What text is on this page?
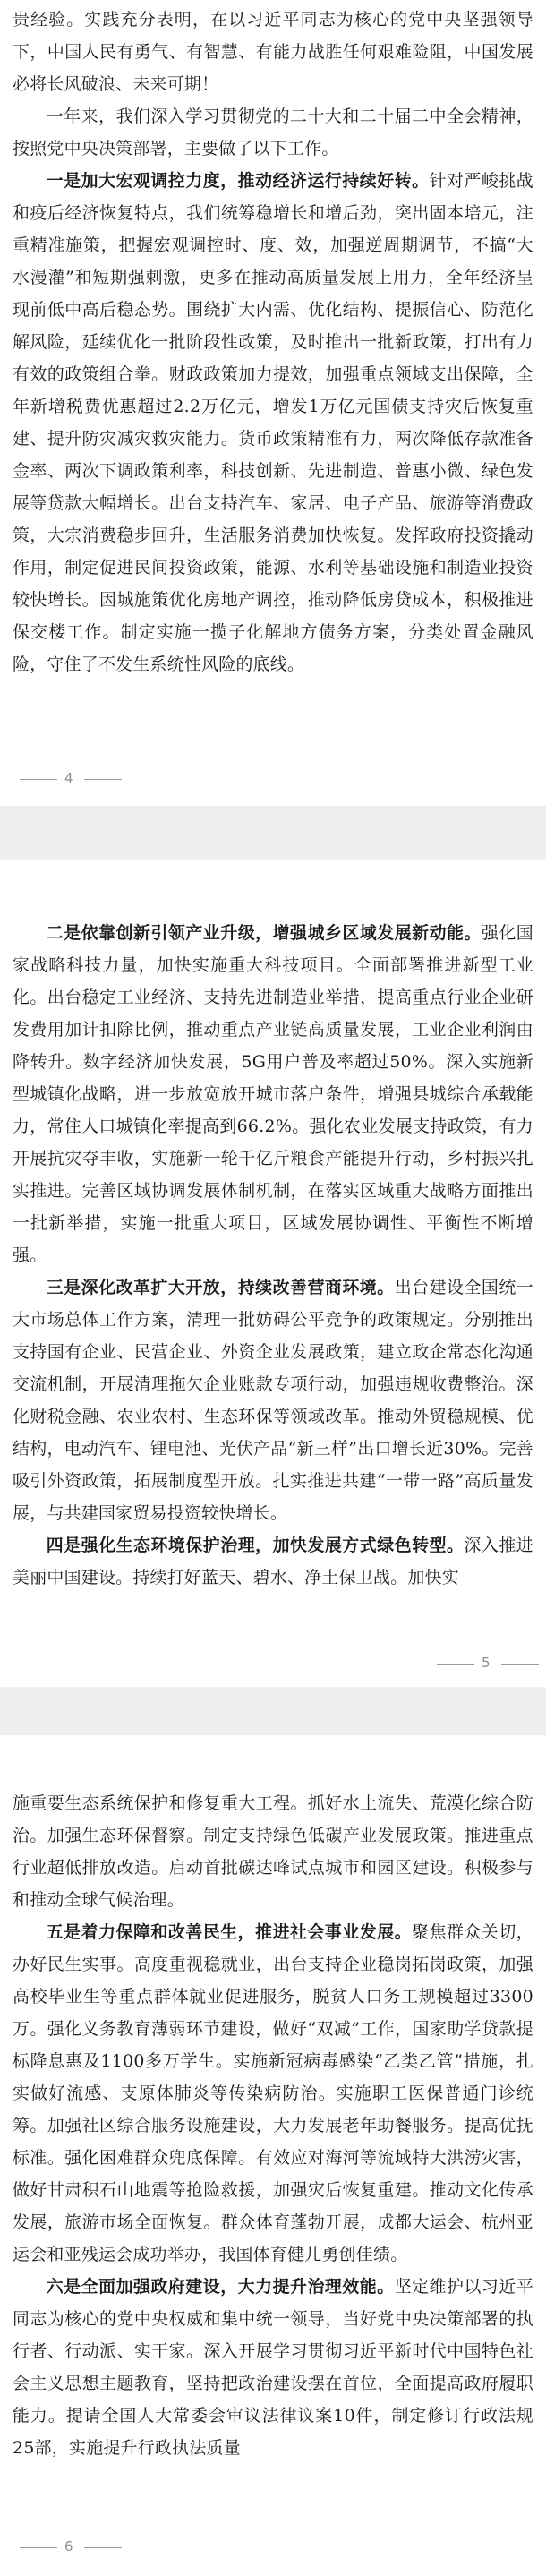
贵经验。实践充分表明，在以习近平同志为核心的党中央坚强领导下，中国人民有勇气、有智慧、有能力战胜任何艰难险阻，中国发展必将长风破浪、未来可期！

一年来，我们深入学习贯彻党的二十大和二十届二中全会精神，按照党中央决策部署，主要做了以下工作。

一是加大宏观调控力度，推动经济运行持续好转。针对严峻挑战和疫后经济恢复特点，我们统筹稳增长和增后劲，突出固本培元，注重精准施策，把握宏观调控时、度、效，加强逆周期调节，不搞“大水漫灌”和短期强刺激，更多在推动高质量发展上用力，全年经济呈现前低中高后稳态势。围绕扩大内需、优化结构、提振信心、防范化解风险，延续优化一批阶段性政策，及时推出一批新政策，打出有力有效的政策组合拳。财政政策加力提效，加强重点领域支出保障，全年新增税费优惠超过2.2万亿元，增发1万亿元国债支持灾后恢复重建、提升防灾减灾救灾能力。货币政策精准有力，两次降低存款准备金率、两次下调政策利率，科技创新、先进制造、普惠小微、绿色发展等贷款大幅增长。出台支持汽车、家居、电子产品、旅游等消费政策，大宗消费稳步回升，生活服务消费加快恢复。发挥政府投资撬动作用，制定促进民间投资政策，能源、水利等基础设施和制造业投资较快增长。因城施策优化房地产调控，推动降低房贷成本，积极推进保交楼工作。制定实施一揽子化解地方债务方案，分类处置金融风险，守住了不发生系统性风险的底线。

4

二是依靠创新引领产业升级，增强城乡区域发展新动能。强化国家战略科技力量，加快实施重大科技项目。全面部署推进新型工业化。出台稳定工业经济、支持先进制造业举措，提高重点行业企业研发费用加计扣除比例，推动重点产业链高质量发展，工业企业利润由降转升。数字经济加快发展，5G用户普及率超过50%。深入实施新型城镇化战略，进一步放宽放开城市落户条件，增强县城综合承载能力，常住人口城镇化率提高到66.2%。强化农业发展支持政策，有力开展抗灾夺丰收，实施新一轮千亿斤粮食产能提升行动，乡村振兴扎实推进。完善区域协调发展体制机制，在落实区域重大战略方面推出一批新举措，实施一批重大项目，区域发展协调性、平衡性不断增强。

三是深化改革扩大开放，持续改善营商环境。出台建设全国统一大市场总体工作方案，清理一批妨碍公平竞争的政策规定。分别推出支持国有企业、民营企业、外资企业发展政策，建立政企常态化沟通交流机制，开展清理拖欠企业账款专项行动，加强违规收费整治。深化财税金融、农业农村、生态环保等领域改革。推动外贸稳规模、优结构，电动汽车、锂电池、光伏产品“新三样”出口增长近30%。完善吸引外资政策，拓展制度型开放。扎实推进共建“一带一路”高质量发展，与共建国家贸易投资较快增长。

四是强化生态环境保护治理，加快发展方式绿色转型。深入推进美丽中国建设。持续打好蓝天、碧水、净土保卫战。加快实

5

施重要生态系统保护和修复重大工程。抓好水土流失、荒漠化综合防治。加强生态环保督察。制定支持绿色低碳产业发展政策。推进重点行业超低排放改造。启动首批碳达峰试点城市和园区建设。积极参与和推动全球气候治理。

五是着力保障和改善民生，推进社会事业发展。聚焦群众关切，办好民生实事。高度重视稳就业，出台支持企业稳岗拓岗政策，加强高校毕业生等重点群体就业促进服务，脱贫人口务工规模超过3300万。强化义务教育薄弱环节建设，做好“双减”工作，国家助学贷款提标降息惠及1100多万学生。实施新冠病毒感染“乙类乙管”措施，扎实做好流感、支原体肺炎等传染病防治。实施职工医保普通门诊统筹。加强社区综合服务设施建设，大力发展老年助餐服务。提高优抚标准。强化困难群众兜底保障。有效应对海河等流域特大洪涝灾害，做好甘肃积石山地震等抢险救援，加强灾后恢复重建。推动文化传承发展，旅游市场全面恢复。群众体育蓬勃开展，成都大运会、杭州亚运会和亚残运会成功举办，我国体育健儿勇创佳绩。

六是全面加强政府建设，大力提升治理效能。坚定维护以习近平同志为核心的党中央权威和集中统一领导，当好党中央决策部署的执行者、行动派、实干家。深入开展学习贯彻习近平新时代中国特色社会主义思想主题教育，坚持把政治建设摆在首位，全面提高政府履职能力。提请全国人大常委会审议法律议案10件，制定修订行政法规25部，实施提升行政执法质量

6
